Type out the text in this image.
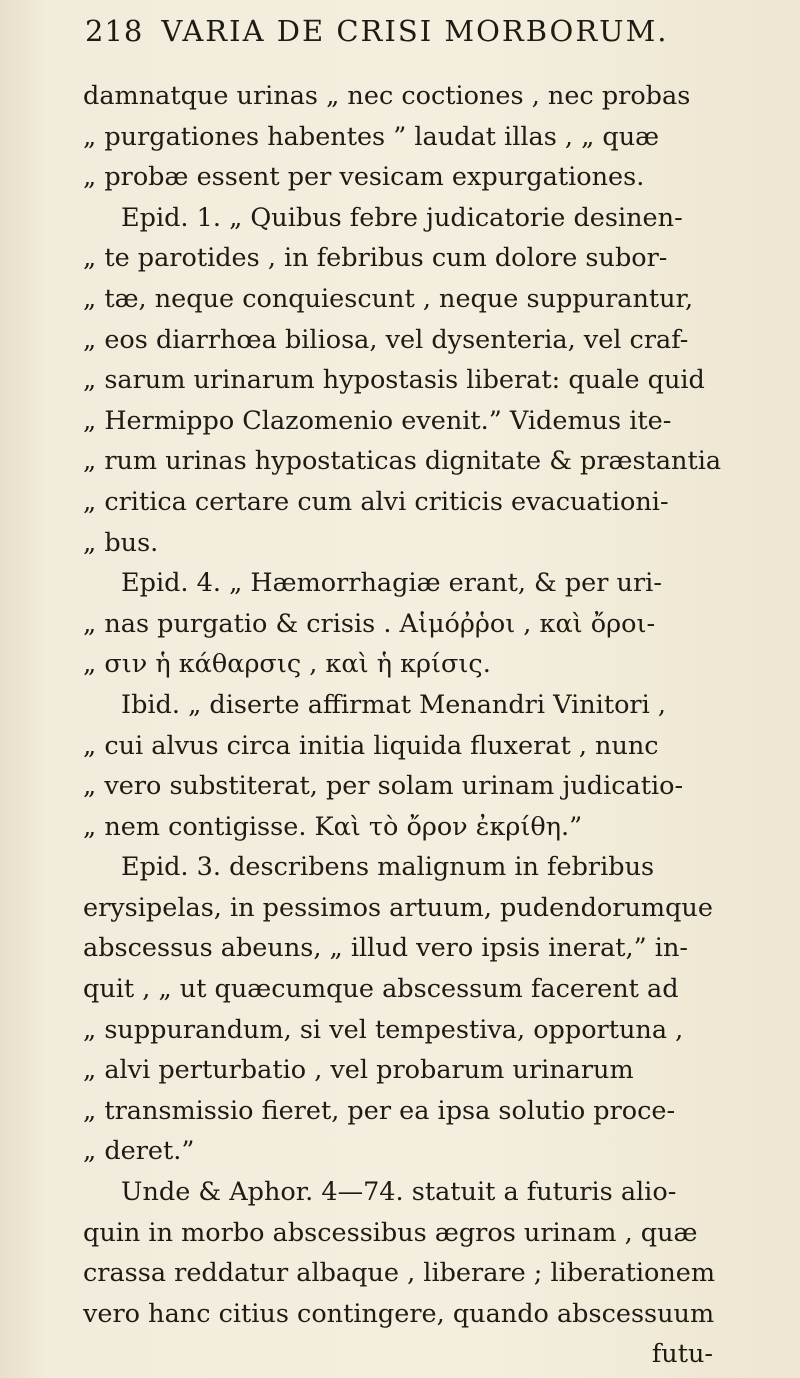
218 VARIA DE CRISI MORBORUM.
damnatque urinas „ nec coctiones , nec probas
„ purgationes habentes ” laudat illas , „ quæ
„ probæ essent per vesicam expurgationes.
Epid. 1. „ Quibus febre judicatorie desinen-
„ te parotides , in febribus cum dolore subor-
„ tæ, neque conquiescunt , neque suppurantur,
„ eos diarrhœa biliosa, vel dysenteria, vel craf-
„ sarum urinarum hypostasis liberat: quale quid
„ Hermippo Clazomenio evenit.” Videmus ite-
„ rum urinas hypostaticas dignitate & præstantia
„ critica certare cum alvi criticis evacuationi-
„ bus.
Epid. 4. „ Hæmorrhagiæ erant, & per uri-
„ nas purgatio & crisis . Αἱμόῤῥοι , καὶ ὄροι-
„ σιν ἡ κάθαρσις , καὶ ἡ κρίσις.
Ibid. „ diserte affirmat Menandri Vinitori ,
„ cui alvus circa initia liquida fluxerat , nunc
„ vero substiterat, per solam urinam judicatio-
„ nem contigisse. Καὶ τὸ ὄρον ἐκρίθη.”
Epid. 3. describens malignum in febribus
erysipelas, in pessimos artuum, pudendorumque
abscessus abeuns, „ illud vero ipsis inerat,” in-
quit , „ ut quæcumque abscessum facerent ad
„ suppurandum, si vel tempestiva, opportuna ,
„ alvi perturbatio , vel probarum urinarum
„ transmissio fieret, per ea ipsa solutio proce-
„ deret.”
Unde & Aphor. 4—74. statuit a futuris alio-
quin in morbo abscessibus ægros urinam , quæ
crassa reddatur albaque , liberare ; liberationem
vero hanc citius contingere, quando abscessuum
futu-
